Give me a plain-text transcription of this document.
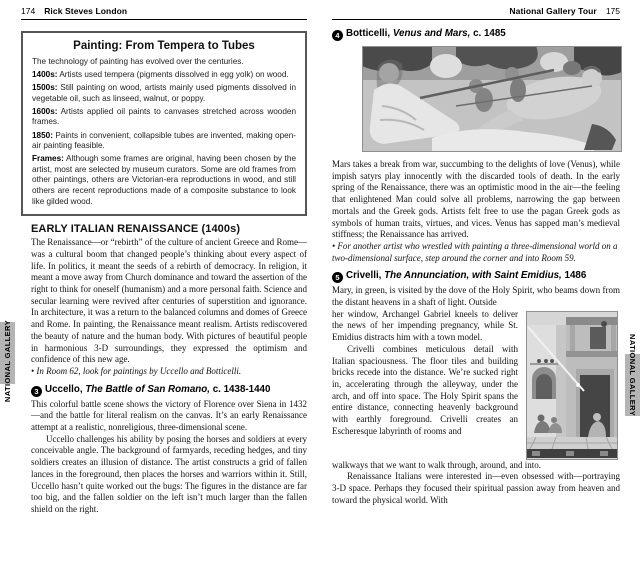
174 Rick Steves London
Painting: From Tempera to Tubes

The technology of painting has evolved over the centuries.

1400s: Artists used tempera (pigments dissolved in egg yolk) on wood.

1500s: Still painting on wood, artists mainly used pigments dissolved in vegetable oil, such as linseed, walnut, or poppy.

1600s: Artists applied oil paints to canvases stretched across wooden frames.

1850: Paints in convenient, collapsible tubes are invented, making open-air painting feasible.

Frames: Although some frames are original, having been chosen by the artist, most are selected by museum curators. Some are old frames from other paintings, others are Victorian-era reproductions in wood, and still others are recent reproductions made of a composite substance to look like gilded wood.

EARLY ITALIAN RENAISSANCE (1400s)

The Renaissance—or “rebirth” of the culture of ancient Greece and Rome—was a cultural boom that changed people’s thinking about every aspect of life. In politics, it meant the seeds of a rebirth of democracy. In religion, it meant a move away from Church dominance and toward the assertion of the right to think for oneself (humanism) and a more personal faith. Science and secular learning were revived after centuries of superstition and ignorance. In architecture, it was a return to the balanced columns and domes of Greece and Rome. In painting, the Renaissance meant realism. Artists rediscovered the beauty of nature and the human body. With pictures of beautiful people in harmonious 3-D surroundings, they expressed the optimism and confidence of this new age.

• In Room 62, look for paintings by Uccello and Botticelli.

3 Uccello, The Battle of San Romano, c. 1438-1440

This colorful battle scene shows the victory of Florence over Siena in 1432—and the battle for literal realism on the canvas. It’s an early Renaissance attempt at a realistic, nonreligious, three-dimensional scene.

Uccello challenges his ability by posing the horses and soldiers at every conceivable angle. The background of farmyards, receding hedges, and tiny soldiers creates an illusion of distance. The artist constructs a grid of fallen lances in the foreground, then places the horses and warriors within it. Still, Uccello hasn’t quite worked out the bugs: The figures in the distance are far too big, and the fallen soldier on the left isn’t much larger than the fallen shield on the right.

National Gallery Tour 175
4 Botticelli, Venus and Mars, c. 1485

Mars takes a break from war, succumbing to the delights of love (Venus), while impish satyrs play innocently with the discarded tools of death. In the early spring of the Renaissance, there was an optimistic mood in the air—the feeling that enlightened Man could solve all problems, narrowing the gap between mortals and the Greek gods. Artists felt free to use the pagan Greek gods as symbols of human traits, virtues, and vices. Venus has sapped man’s medieval stiffness; the Renaissance has arrived.

• For another artist who wrestled with painting a three-dimensional world on a two-dimensional surface, step around the corner and into Room 59.

5 Crivelli, The Annunciation, with Saint Emidius, 1486

Mary, in green, is visited by the dove of the Holy Spirit, who beams down from the distant heavens in a shaft of light. Outside

her window, Archangel Gabriel kneels to deliver the news of her impending pregnancy, while St. Emidius distracts him with a town model.

Crivelli combines meticulous detail with Italian spaciousness. The floor tiles and building bricks recede into the distance. We’re sucked right in, accelerating through the alleyway, under the arch, and off into space. The Holy Spirit spans the entire distance, connecting heavenly background with earthly foreground. Crivelli creates an Escheresque labyrinth of rooms and

walkways that we want to walk through, around, and into.

Renaissance Italians were interested in—even obsessed with—portraying 3-D space. Perhaps they focused their spiritual passion away from heaven and toward the physical world. With

NATIONAL GALLERY	NATIONAL GALLERY
